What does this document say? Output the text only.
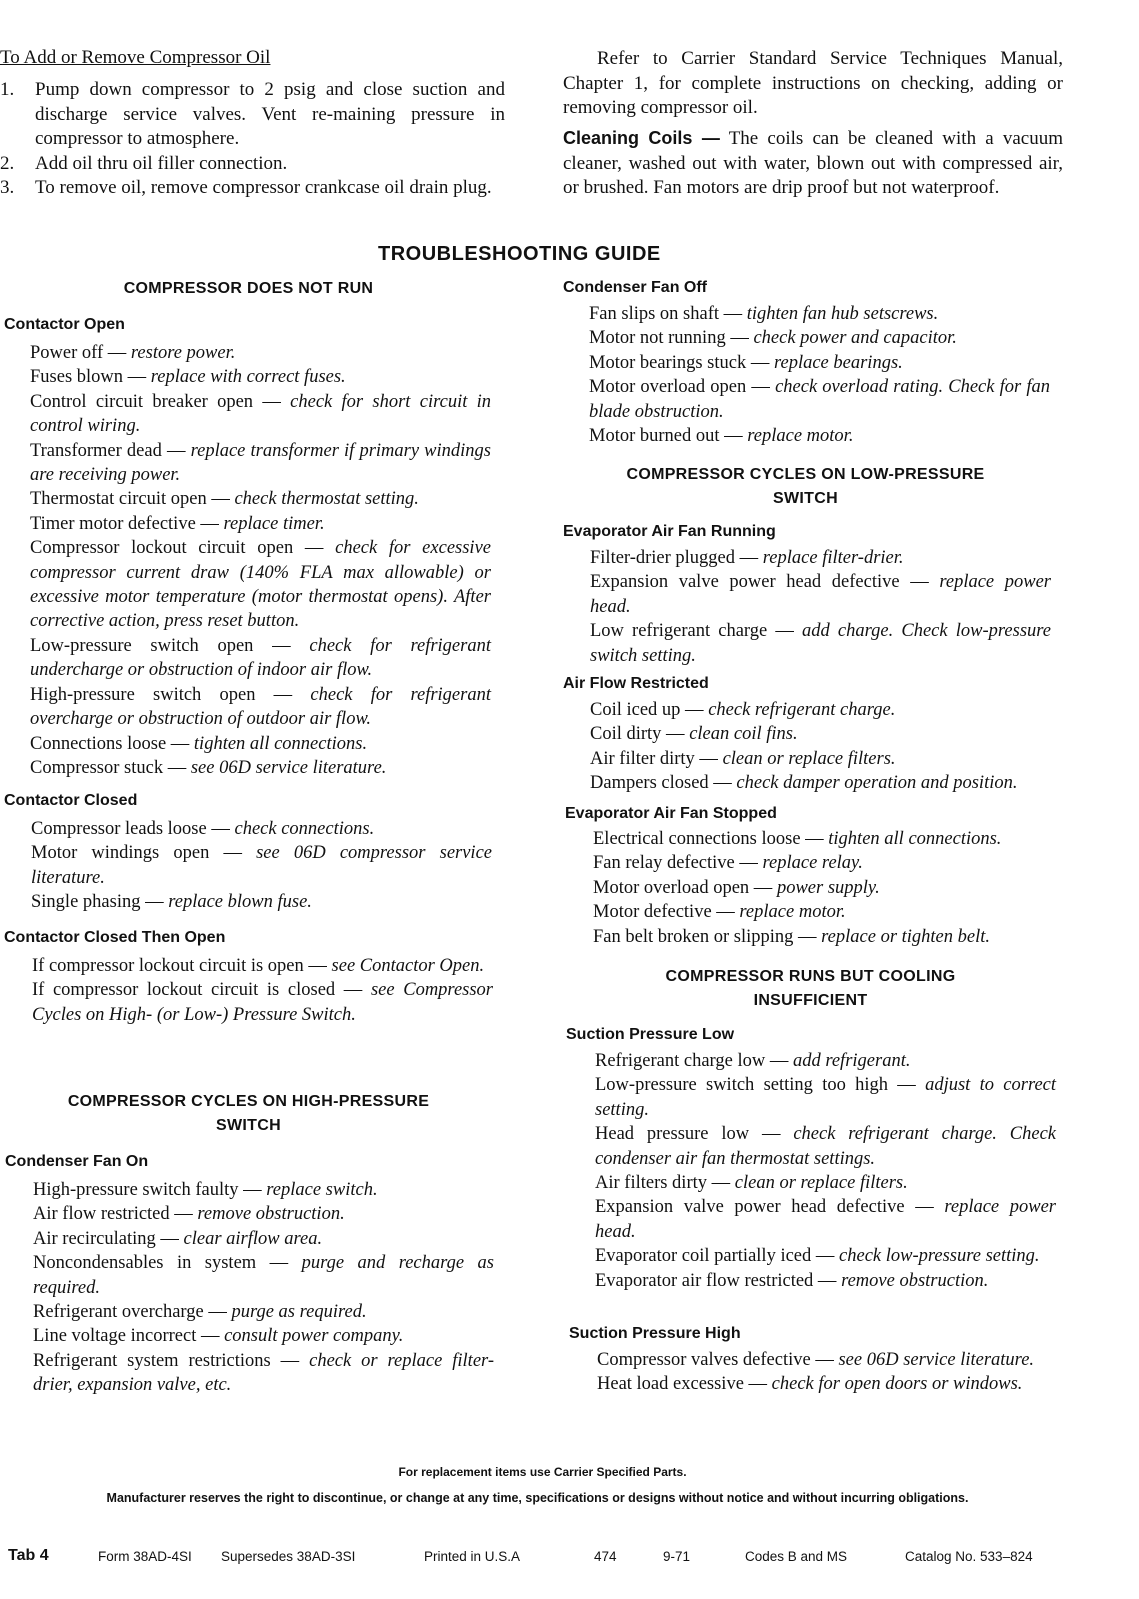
To Add or Remove Compressor Oil
1. Pump down compressor to 2 psig and close suction and discharge service valves. Vent re-maining pressure in compressor to atmosphere.
2. Add oil thru oil filler connection.
3. To remove oil, remove compressor crankcase oil drain plug.

Refer to Carrier Standard Service Techniques Manual, Chapter 1, for complete instructions on checking, adding or removing compressor oil.

Cleaning Coils — The coils can be cleaned with a vacuum cleaner, washed out with water, blown out with compressed air, or brushed. Fan motors are drip proof but not waterproof.

TROUBLESHOOTING GUIDE
COMPRESSOR DOES NOT RUN
Contactor Open
Power off — restore power.
Fuses blown — replace with correct fuses.
Control circuit breaker open — check for short circuit in control wiring.
Transformer dead — replace transformer if primary windings are receiving power.
Thermostat circuit open — check thermostat setting.
Timer motor defective — replace timer.
Compressor lockout circuit open — check for excessive compressor current draw (140% FLA max allowable) or excessive motor temperature (motor thermostat opens). After corrective action, press reset button.
Low-pressure switch open — check for refrigerant undercharge or obstruction of indoor air flow.
High-pressure switch open — check for refrigerant overcharge or obstruction of outdoor air flow.
Connections loose — tighten all connections.
Compressor stuck — see 06D service literature.
Contactor Closed
Compressor leads loose — check connections.
Motor windings open — see 06D compressor service literature.
Single phasing — replace blown fuse.
Contactor Closed Then Open
If compressor lockout circuit is open — see Contactor Open.
If compressor lockout circuit is closed — see Compressor Cycles on High- (or Low-) Pressure Switch.
COMPRESSOR CYCLES ON HIGH-PRESSURE
SWITCH
Condenser Fan On
High-pressure switch faulty — replace switch.
Air flow restricted — remove obstruction.
Air recirculating — clear airflow area.
Noncondensables in system — purge and recharge as required.
Refrigerant overcharge — purge as required.
Line voltage incorrect — consult power company.
Refrigerant system restrictions — check or replace filter-drier, expansion valve, etc.
Condenser Fan Off
Fan slips on shaft — tighten fan hub setscrews.
Motor not running — check power and capacitor.
Motor bearings stuck — replace bearings.
Motor overload open — check overload rating. Check for fan blade obstruction.
Motor burned out — replace motor.
COMPRESSOR CYCLES ON LOW-PRESSURE
SWITCH
Evaporator Air Fan Running
Filter-drier plugged — replace filter-drier.
Expansion valve power head defective — replace power head.
Low refrigerant charge — add charge. Check low-pressure switch setting.
Air Flow Restricted
Coil iced up — check refrigerant charge.
Coil dirty — clean coil fins.
Air filter dirty — clean or replace filters.
Dampers closed — check damper operation and position.
Evaporator Air Fan Stopped
Electrical connections loose — tighten all connections.
Fan relay defective — replace relay.
Motor overload open — power supply.
Motor defective — replace motor.
Fan belt broken or slipping — replace or tighten belt.
COMPRESSOR RUNS BUT COOLING
INSUFFICIENT
Suction Pressure Low
Refrigerant charge low — add refrigerant.
Low-pressure switch setting too high — adjust to correct setting.
Head pressure low — check refrigerant charge. Check condenser air fan thermostat settings.
Air filters dirty — clean or replace filters.
Expansion valve power head defective — replace power head.
Evaporator coil partially iced — check low-pressure setting.
Evaporator air flow restricted — remove obstruction.
Suction Pressure High
Compressor valves defective — see 06D service literature.
Heat load excessive — check for open doors or windows.
For replacement items use Carrier Specified Parts.
Manufacturer reserves the right to discontinue, or change at any time, specifications or designs without notice and without incurring obligations.
Tab 4	Form 38AD-4SI Supersedes 38AD-3SI	Printed in U.S.A	474	9-71	Codes B and MS	Catalog No. 533–824
